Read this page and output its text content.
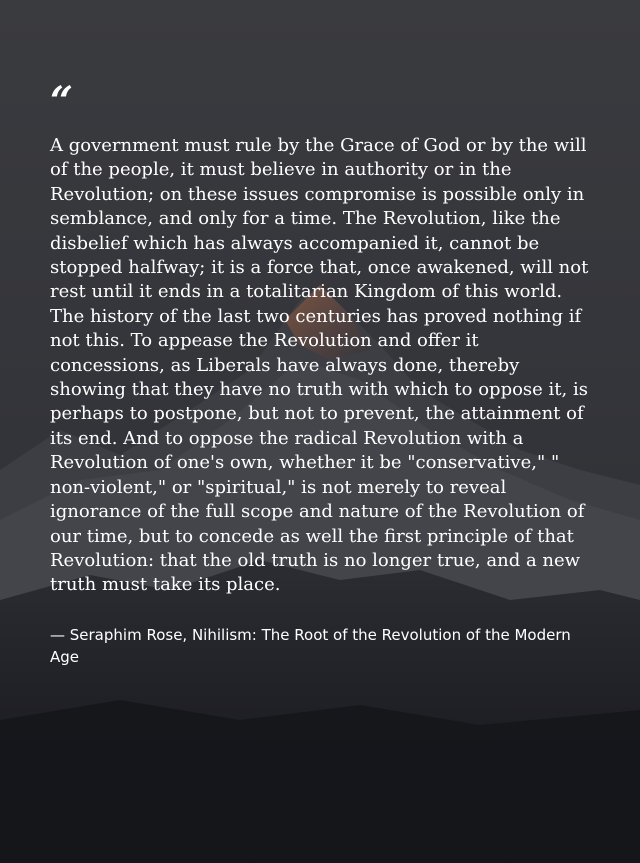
“

A government must rule by the Grace of God or by the will of the people, it must believe in authority or in the Revolution; on these issues compromise is possible only in semblance, and only for a time. The Revolution, like the disbelief which has always accompanied it, cannot be stopped halfway; it is a force that, once awakened, will not rest until it ends in a totalitarian Kingdom of this world. The history of the last two centuries has proved nothing if not this. To appease the Revolution and offer it concessions, as Liberals have always done, thereby showing that they have no truth with which to oppose it, is perhaps to postpone, but not to prevent, the attainment of its end. And to oppose the radical Revolution with a Revolution of one's own, whether it be "conservative," " non-violent," or "spiritual," is not merely to reveal ignorance of the full scope and nature of the Revolution of our time, but to concede as well the first principle of that Revolution: that the old truth is no longer true, and a new truth must take its place.

— Seraphim Rose, Nihilism: The Root of the Revolution of the Modern Age
